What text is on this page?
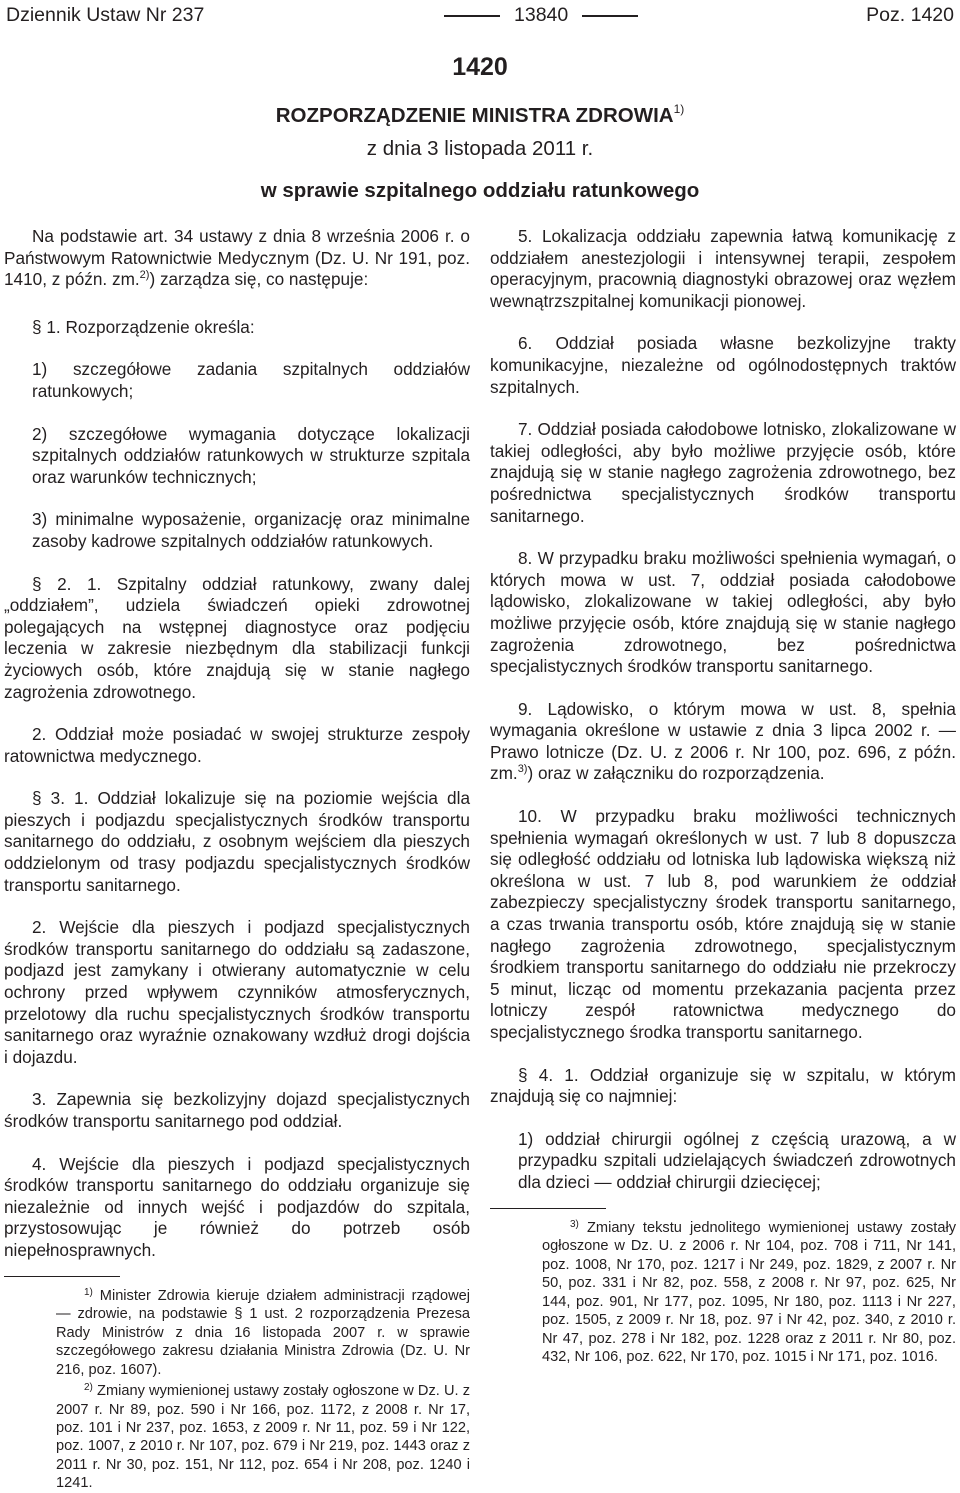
Dziennik Ustaw Nr 237	13840	Poz. 1420
1420
ROZPORZĄDZENIE MINISTRA ZDROWIA$^{1)}$
z dnia 3 listopada 2011 r.
w sprawie szpitalnego oddziału ratunkowego

Na podstawie art. 34 ustawy z dnia 8 września 2006 r. o Państwowym Ratownictwie Medycznym (Dz. U. Nr 191, poz. 1410, z późn. zm.$^{2)}$) zarządza się, co następuje:

§ 1. Rozporządzenie określa:

1) szczegółowe zadania szpitalnych oddziałów ratunkowych;

2) szczegółowe wymagania dotyczące lokalizacji szpitalnych oddziałów ratunkowych w strukturze szpitala oraz warunków technicznych;

3) minimalne wyposażenie, organizację oraz minimalne zasoby kadrowe szpitalnych oddziałów ratunkowych.

§ 2. 1. Szpitalny oddział ratunkowy, zwany dalej „oddziałem”, udziela świadczeń opieki zdrowotnej polegających na wstępnej diagnostyce oraz podjęciu leczenia w zakresie niezbędnym dla stabilizacji funkcji życiowych osób, które znajdują się w stanie nagłego zagrożenia zdrowotnego.

2. Oddział może posiadać w swojej strukturze zespoły ratownictwa medycznego.

§ 3. 1. Oddział lokalizuje się na poziomie wejścia dla pieszych i podjazdu specjalistycznych środków transportu sanitarnego do oddziału, z osobnym wejściem dla pieszych oddzielonym od trasy podjazdu specjalistycznych środków transportu sanitarnego.

2. Wejście dla pieszych i podjazd specjalistycznych środków transportu sanitarnego do oddziału są zadaszone, podjazd jest zamykany i otwierany automatycznie w celu ochrony przed wpływem czynników atmosferycznych, przelotowy dla ruchu specjalistycznych środków transportu sanitarnego oraz wyraźnie oznakowany wzdłuż drogi dojścia i dojazdu.

3. Zapewnia się bezkolizyjny dojazd specjalistycznych środków transportu sanitarnego pod oddział.

4. Wejście dla pieszych i podjazd specjalistycznych środków transportu sanitarnego do oddziału organizuje się niezależnie od innych wejść i podjazdów do szpitala, przystosowując je również do potrzeb osób niepełnosprawnych.

$^{1)}$ Minister Zdrowia kieruje działem administracji rządowej — zdrowie, na podstawie § 1 ust. 2 rozporządzenia Prezesa Rady Ministrów z dnia 16 listopada 2007 r. w sprawie szczegółowego zakresu działania Ministra Zdrowia (Dz. U. Nr 216, poz. 1607).

$^{2)}$ Zmiany wymienionej ustawy zostały ogłoszone w Dz. U. z 2007 r. Nr 89, poz. 590 i Nr 166, poz. 1172, z 2008 r. Nr 17, poz. 101 i Nr 237, poz. 1653, z 2009 r. Nr 11, poz. 59 i Nr 122, poz. 1007, z 2010 r. Nr 107, poz. 679 i Nr 219, poz. 1443 oraz z 2011 r. Nr 30, poz. 151, Nr 112, poz. 654 i Nr 208, poz. 1240 i 1241.

5. Lokalizacja oddziału zapewnia łatwą komunikację z oddziałem anestezjologii i intensywnej terapii, zespołem operacyjnym, pracownią diagnostyki obrazowej oraz węzłem wewnątrzszpitalnej komunikacji pionowej.

6. Oddział posiada własne bezkolizyjne trakty komunikacyjne, niezależne od ogólnodostępnych traktów szpitalnych.

7. Oddział posiada całodobowe lotnisko, zlokalizowane w takiej odległości, aby było możliwe przyjęcie osób, które znajdują się w stanie nagłego zagrożenia zdrowotnego, bez pośrednictwa specjalistycznych środków transportu sanitarnego.

8. W przypadku braku możliwości spełnienia wymagań, o których mowa w ust. 7, oddział posiada całodobowe lądowisko, zlokalizowane w takiej odległości, aby było możliwe przyjęcie osób, które znajdują się w stanie nagłego zagrożenia zdrowotnego, bez pośrednictwa specjalistycznych środków transportu sanitarnego.

9. Lądowisko, o którym mowa w ust. 8, spełnia wymagania określone w ustawie z dnia 3 lipca 2002 r. — Prawo lotnicze (Dz. U. z 2006 r. Nr 100, poz. 696, z późn. zm.$^{3)}$) oraz w załączniku do rozporządzenia.

10. W przypadku braku możliwości technicznych spełnienia wymagań określonych w ust. 7 lub 8 dopuszcza się odległość oddziału od lotniska lub lądowiska większą niż określona w ust. 7 lub 8, pod warunkiem że oddział zabezpieczy specjalistyczny środek transportu sanitarnego, a czas trwania transportu osób, które znajdują się w stanie nagłego zagrożenia zdrowotnego, specjalistycznym środkiem transportu sanitarnego do oddziału nie przekroczy 5 minut, licząc od momentu przekazania pacjenta przez lotniczy zespół ratownictwa medycznego do specjalistycznego środka transportu sanitarnego.

§ 4. 1. Oddział organizuje się w szpitalu, w którym znajdują się co najmniej:

1) oddział chirurgii ogólnej z częścią urazową, a w przypadku szpitali udzielających świadczeń zdrowotnych dla dzieci — oddział chirurgii dziecięcej;

$^{3)}$ Zmiany tekstu jednolitego wymienionej ustawy zostały ogłoszone w Dz. U. z 2006 r. Nr 104, poz. 708 i 711, Nr 141, poz. 1008, Nr 170, poz. 1217 i Nr 249, poz. 1829, z 2007 r. Nr 50, poz. 331 i Nr 82, poz. 558, z 2008 r. Nr 97, poz. 625, Nr 144, poz. 901, Nr 177, poz. 1095, Nr 180, poz. 1113 i Nr 227, poz. 1505, z 2009 r. Nr 18, poz. 97 i Nr 42, poz. 340, z 2010 r. Nr 47, poz. 278 i Nr 182, poz. 1228 oraz z 2011 r. Nr 80, poz. 432, Nr 106, poz. 622, Nr 170, poz. 1015 i Nr 171, poz. 1016.
